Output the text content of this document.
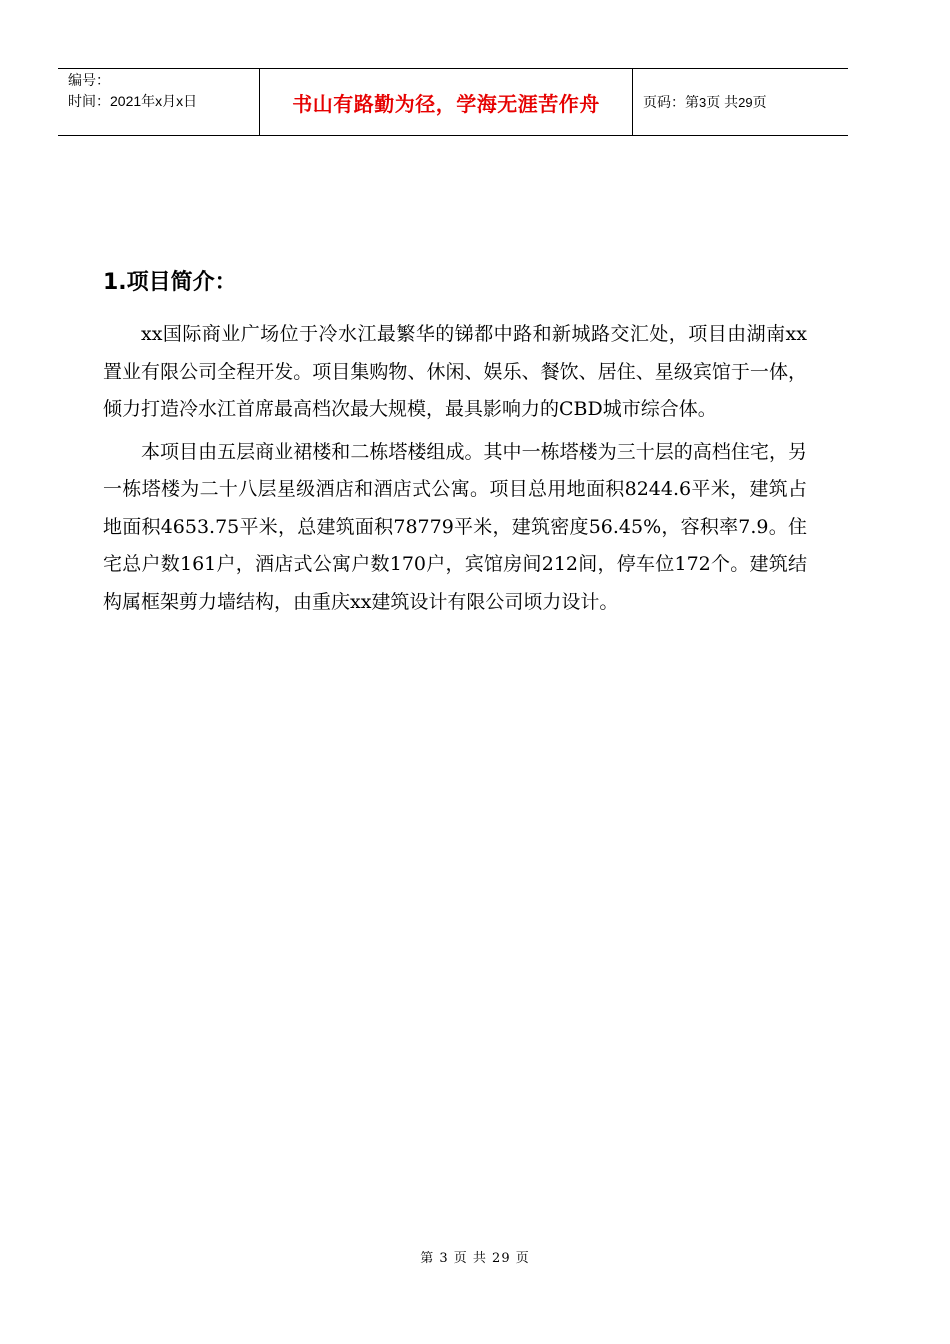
编号：
时间：2021年x月x日	书山有路勤为径，学海无涯苦作舟	页码：第 3 页 共 29 页
1.项目简介：

xx国际商业广场位于冷水江最繁华的锑都中路和新城路交汇处，项目由湖南xx置业有限公司全程开发。项目集购物、休闲、娱乐、餐饮、居住、星级宾馆于一体，倾力打造冷水江首席最高档次最大规模，最具影响力的CBD城市综合体。

本项目由五层商业裙楼和二栋塔楼组成。其中一栋塔楼为三十层的高档住宅，另一栋塔楼为二十八层星级酒店和酒店式公寓。项目总用地面积8244.6平米，建筑占地面积4653.75平米，总建筑面积78779平米，建筑密度56.45%，容积率7.9。住宅总户数161户，酒店式公寓户数170户，宾馆房间212间，停车位172个。建筑结构属框架剪力墙结构，由重庆xx建筑设计有限公司顷力设计。

第 3 页 共 29 页
